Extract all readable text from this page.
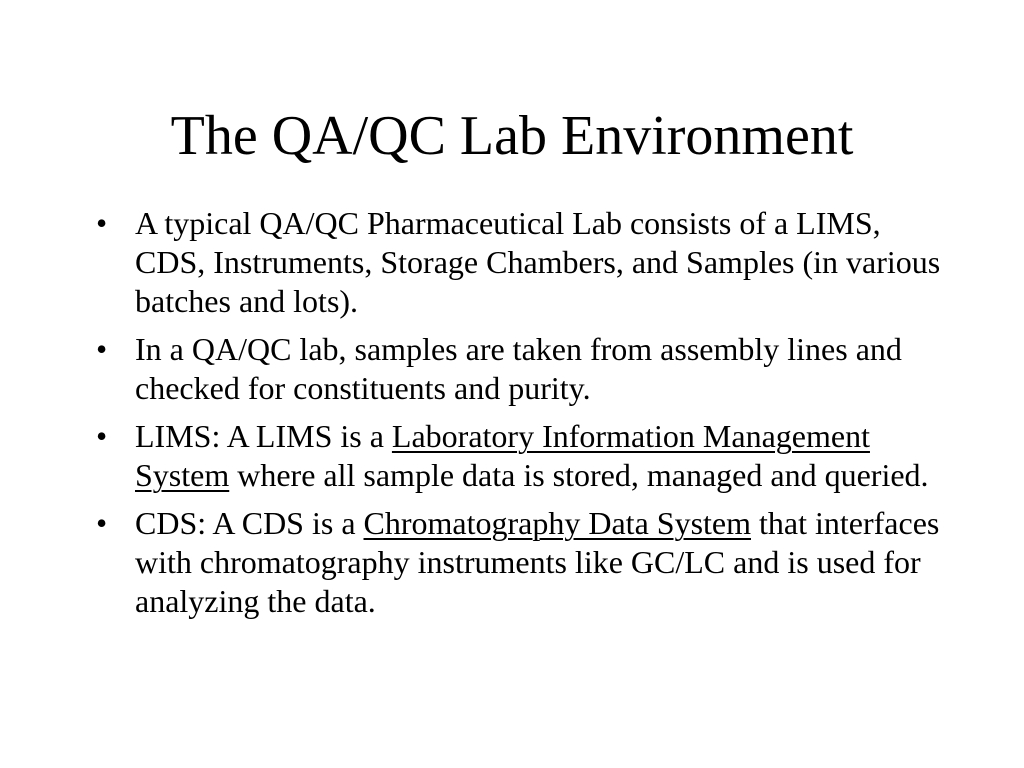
The QA/QC Lab Environment
• A typical QA/QC Pharmaceutical Lab consists of a LIMS, CDS, Instruments, Storage Chambers, and Samples (in various batches and lots).
• In a QA/QC lab, samples are taken from assembly lines and checked for constituents and purity.
• LIMS: A LIMS is a Laboratory Information Management System where all sample data is stored, managed and queried.
• CDS: A CDS is a Chromatography Data System that interfaces with chromatography instruments like GC/LC and is used for analyzing the data.
